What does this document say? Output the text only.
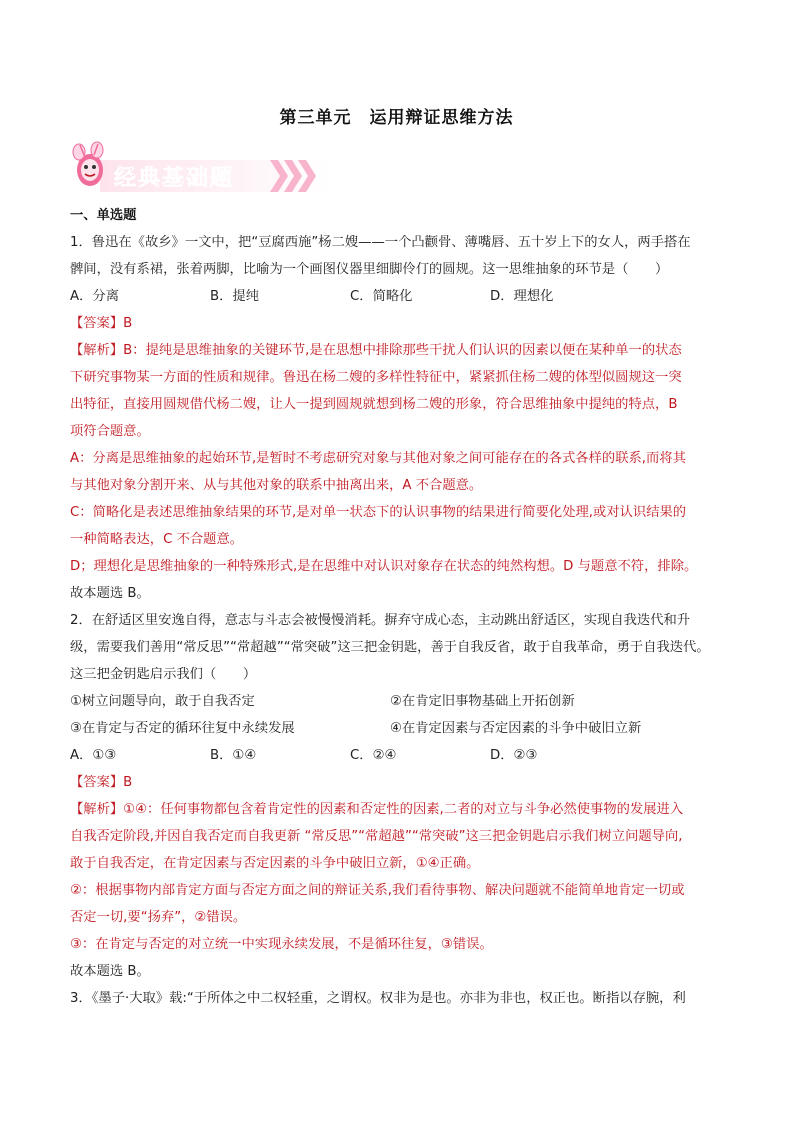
第三单元　运用辩证思维方法
经典基础题
一、单选题
1．鲁迅在《故乡》一文中，把“豆腐西施”杨二嫂——一个凸颧骨、薄嘴唇、五十岁上下的女人，两手搭在
髀间，没有系裙，张着两脚，比喻为一个画图仪器里细脚伶仃的圆规。这一思维抽象的环节是（　　）
A．分离	B．提纯	C．简略化	D．理想化
【答案】B
【解析】B：提纯是思维抽象的关键环节,是在思想中排除那些干扰人们认识的因素以便在某种单一的状态
下研究事物某一方面的性质和规律。鲁迅在杨二嫂的多样性特征中，紧紧抓住杨二嫂的体型似圆规这一突
出特征，直接用圆规借代杨二嫂，让人一提到圆规就想到杨二嫂的形象，符合思维抽象中提纯的特点，B
项符合题意。
A：分离是思维抽象的起始环节,是暂时不考虑研究对象与其他对象之间可能存在的各式各样的联系,而将其
与其他对象分割开来、从与其他对象的联系中抽离出来，A 不合题意。
C：简略化是表述思维抽象结果的环节,是对单一状态下的认识事物的结果进行简要化处理,或对认识结果的
一种简略表达，C 不合题意。
D；理想化是思维抽象的一种特殊形式,是在思维中对认识对象存在状态的纯然构想。D 与题意不符，排除。
故本题选 B。
2．在舒适区里安逸自得，意志与斗志会被慢慢消耗。摒弃守成心态，主动跳出舒适区，实现自我迭代和升
级，需要我们善用“常反思”“常超越”“常突破”这三把金钥匙，善于自我反省，敢于自我革命，勇于自我迭代。
这三把金钥匙启示我们（　　）
①树立问题导向，敢于自我否定	②在肯定旧事物基础上开拓创新
③在肯定与否定的循环往复中永续发展	④在肯定因素与否定因素的斗争中破旧立新
A．①③	B．①④	C．②④	D．②③
【答案】B
【解析】①④：任何事物都包含着肯定性的因素和否定性的因素,二者的对立与斗争必然使事物的发展进入
自我否定阶段,并因自我否定而自我更新 “常反思”“常超越”“常突破”这三把金钥匙启示我们树立问题导向,
敢于自我否定，在肯定因素与否定因素的斗争中破旧立新，①④正确。
②：根据事物内部肯定方面与否定方面之间的辩证关系,我们看待事物、解决问题就不能简单地肯定一切或
否定一切,要“扬弃”，②错误。
③：在肯定与否定的对立统一中实现永续发展，不是循环往复，③错误。
故本题选 B。
3．《墨子·大取》载:“于所体之中二权轻重，之谓权。权非为是也。亦非为非也，权正也。断指以存腕，利
